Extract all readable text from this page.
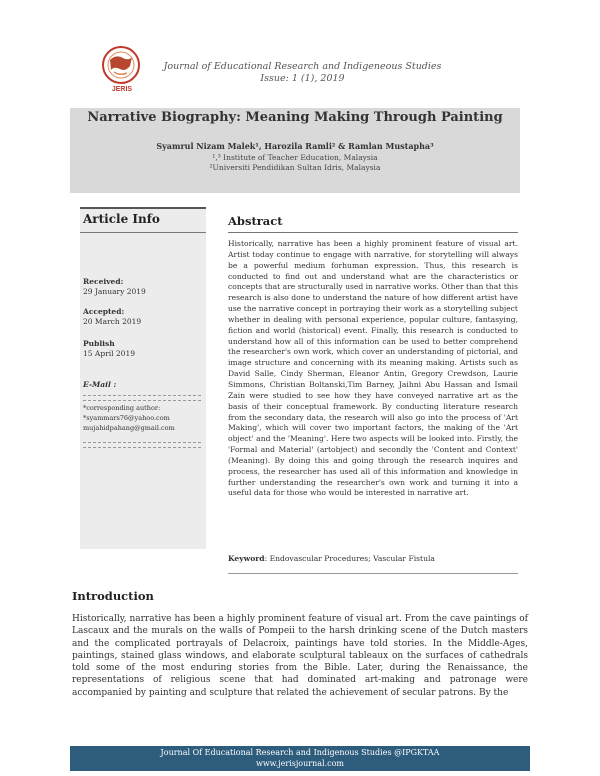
JERIS
Journal of Educational Research and Indigeneous Studies
Issue: 1 (1), 2019
Narrative Biography: Meaning Making Through Painting
Syamrul Nizam Malek¹, Harozila Ramli² & Ramlan Mustapha³
¹,³ Institute of Teacher Education, Malaysia
²Universiti Pendidikan Sultan Idris, Malaysia
Article Info
Received:
29 January 2019
Accepted:
20 March 2019
Publish
15 April 2019
E-Mail :
*corresponding author:
*syammars76@yahoo.com
mujahidpahang@gmail.com
Abstract

Historically, narrative has been a highly prominent feature of visual art. Artist today continue to engage with narrative, for storytelling will always be a powerful medium forhuman expression. Thus, this research is conducted to find out and understand what are the characteristics or concepts that are structurally used in narrative works. Other than that this research is also done to understand the nature of how different artist have use the narrative concept in portraying their work as a storytelling subject whether in dealing with personal experience, popular culture, fantasying, fiction and world (historical) event. Finally, this research is conducted to understand how all of this information can be used to better comprehend the researcher's own work, which cover an understanding of pictorial, and image structure and concerning with its meaning making. Artists such as David Salle, Cindy Sherman, Eleanor Antin, Gregory Crewdson, Laurie Simmons, Christian Boltanski,Tim Barney, Jaihni Abu Hassan and Ismail Zain were studied to see how they have conveyed narrative art as the basis of their conceptual framework. By conducting literature research from the secondary data, the research will also go into the process of 'Art Making', which will cover two important factors, the making of the 'Art object' and the 'Meaning'. Here two aspects will be looked into. Firstly, the 'Formal and Material' (artobject) and secondly the 'Content and Context' (Meaning). By doing this and going through the research inquires and process, the researcher has used all of this information and knowledge in further understanding the researcher's own work and turning it into a useful data for those who would be interested in narrative art.

Keyword: Endovascular Procedures; Vascular Fistula
Introduction

Historically, narrative has been a highly prominent feature of visual art. From the cave paintings of Lascaux and the murals on the walls of Pompeii to the harsh drinking scene of the Dutch masters and the complicated portrayals of Delacroix, paintings have told stories. In the Middle-Ages, paintings, stained glass windows, and elaborate sculptural tableaux on the surfaces of cathedrals told some of the most enduring stories from the Bible. Later, during the Renaissance, the representations of religious scene that had dominated art-making and patronage were accompanied by painting and sculpture that related the achievement of secular patrons. By the

Journal Of Educational Research and Indigenous Studies @IPGKTAA
www.jerisjournal.com
